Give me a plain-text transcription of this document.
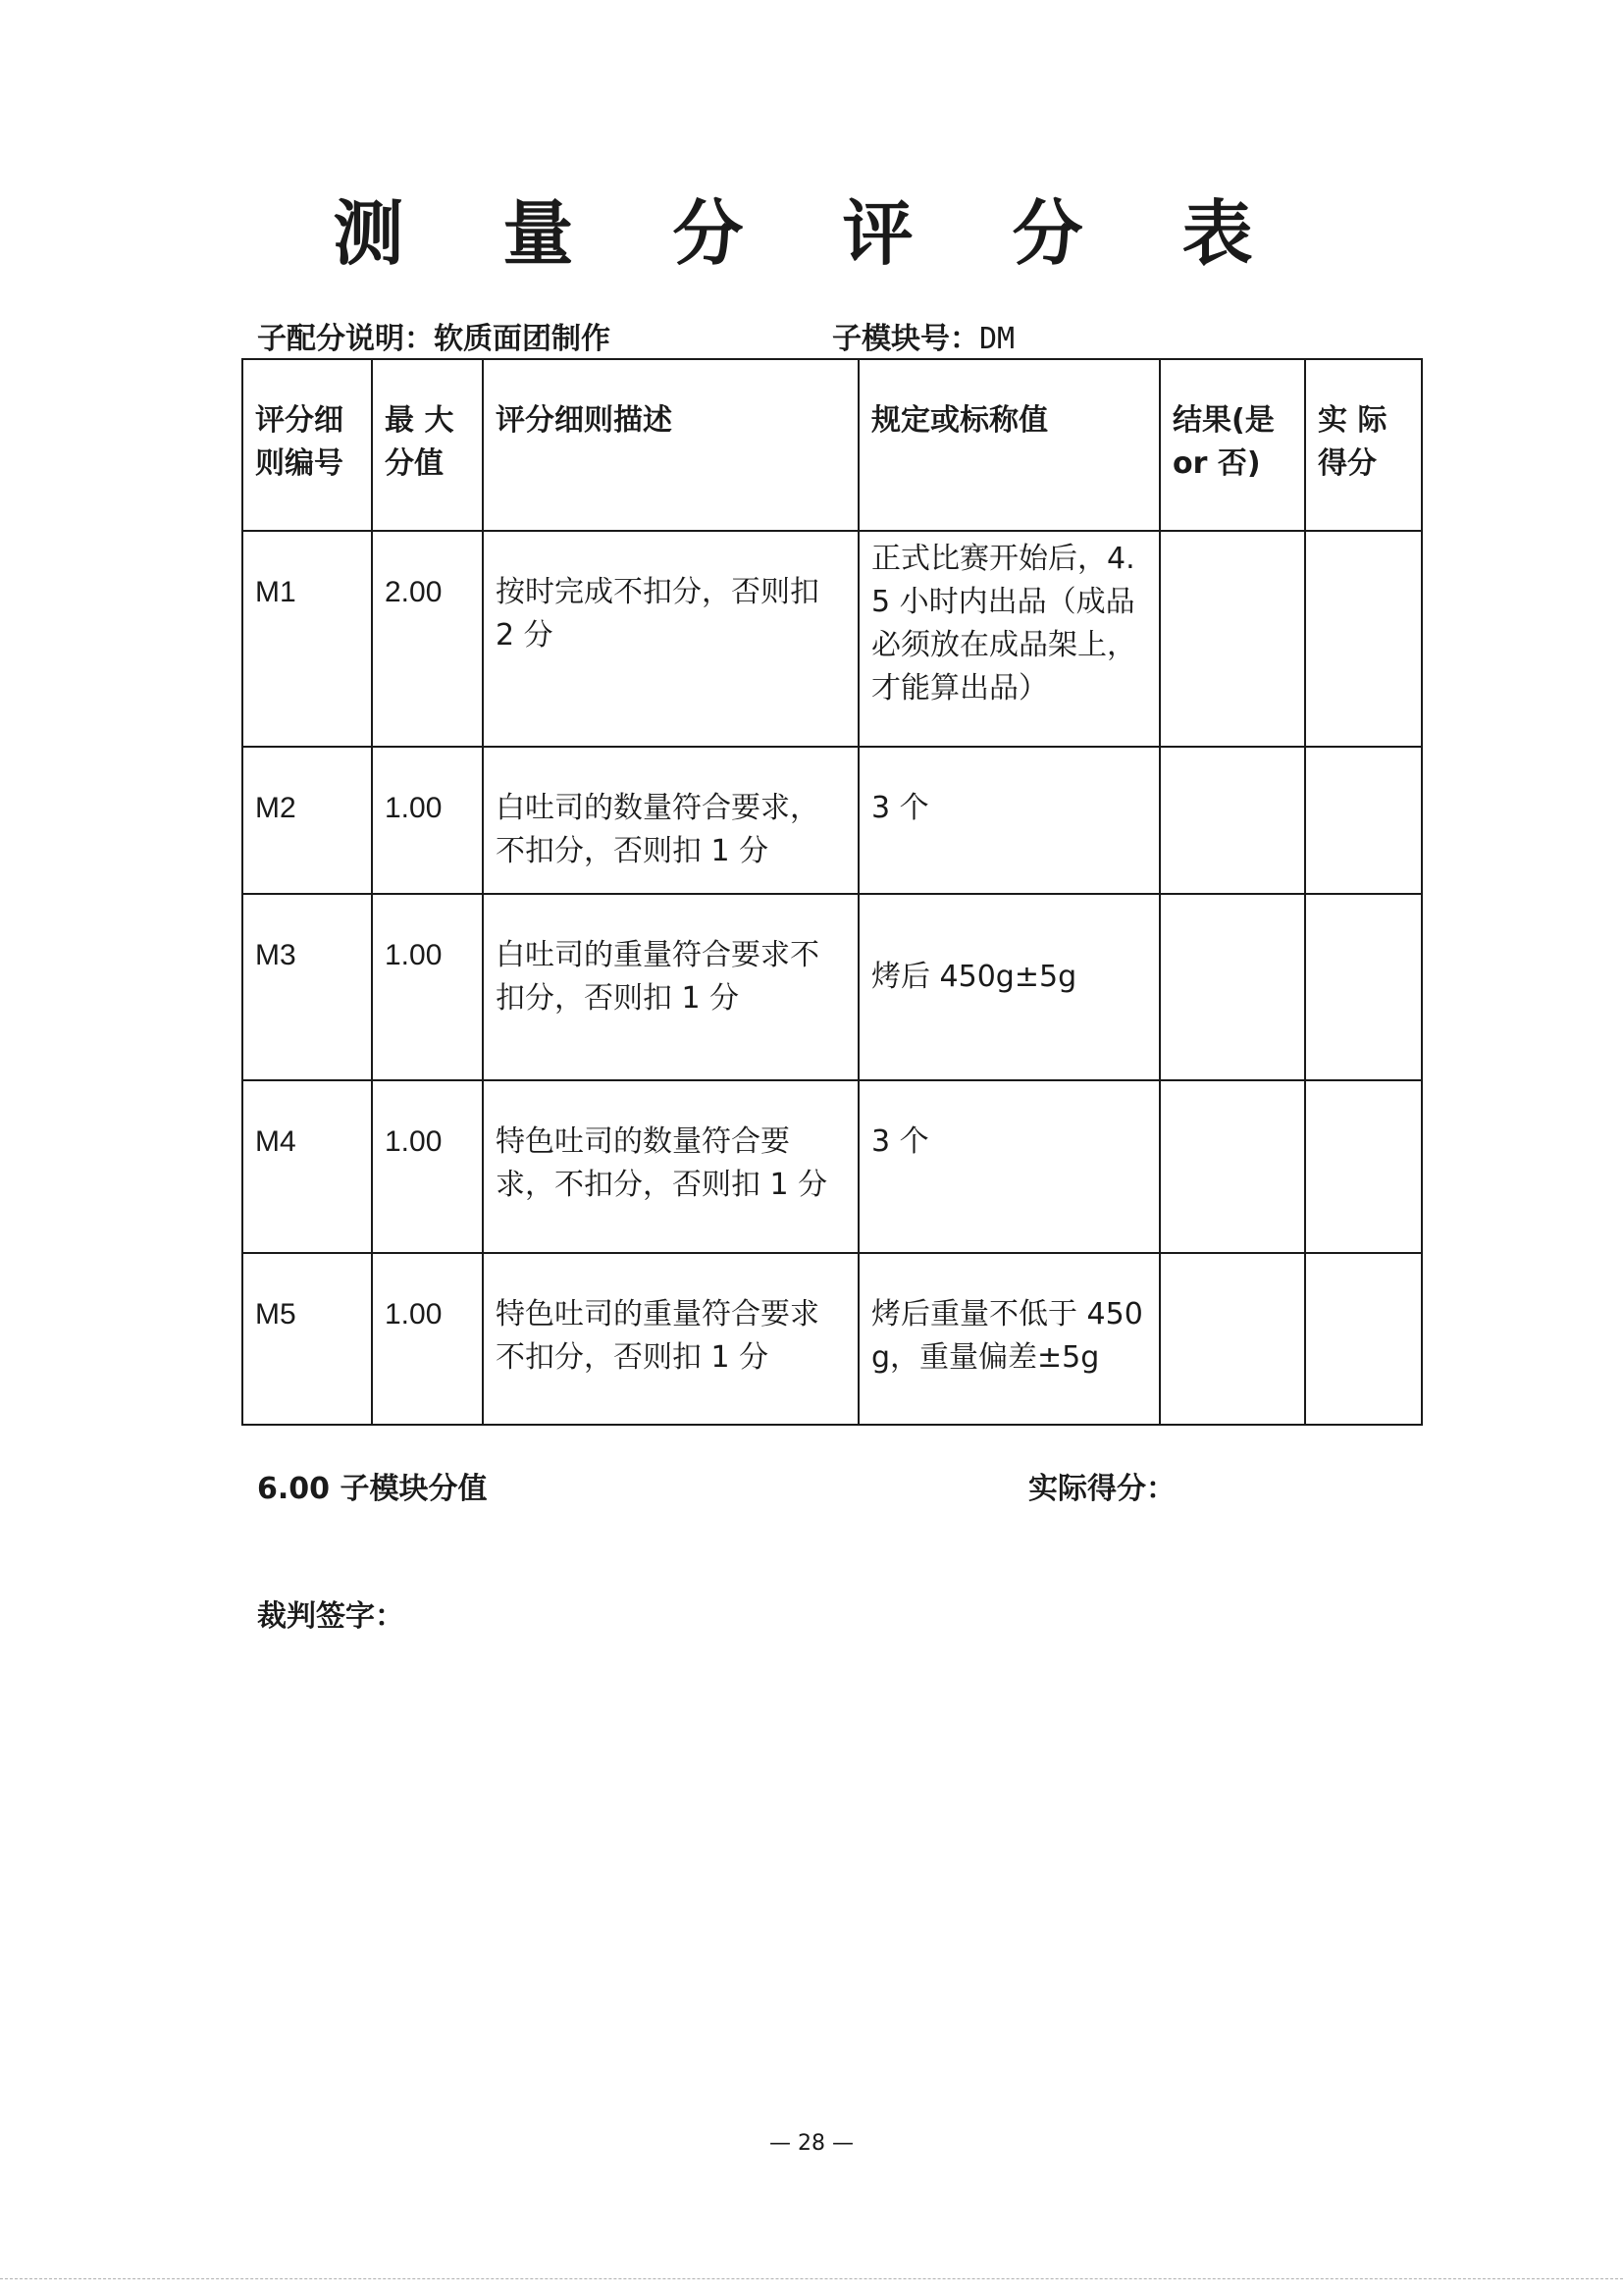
测 量 分 评 分 表
子配分说明：软质面团制作	子模块号：DM
评分细则编号	最 大 分值	评分细则描述	规定或标称值	结果(是 or 否)	实 际 得分
M1	2.00	按时完成不扣分，否则扣 2 分	正式比赛开始后，4.5 小时内出品（成品必须放在成品架上，才能算出品）		
M2	1.00	白吐司的数量符合要求，不扣分，否则扣 1 分	3 个		
M3	1.00	白吐司的重量符合要求不扣分，否则扣 1 分	烤后 450g±5g		
M4	1.00	特色吐司的数量符合要求，不扣分，否则扣 1 分	3 个		
M5	1.00	特色吐司的重量符合要求不扣分，否则扣 1 分	烤后重量不低于 450g，重量偏差±5g		
6.00 子模块分值	实际得分：
裁判签字：
— 28 —
